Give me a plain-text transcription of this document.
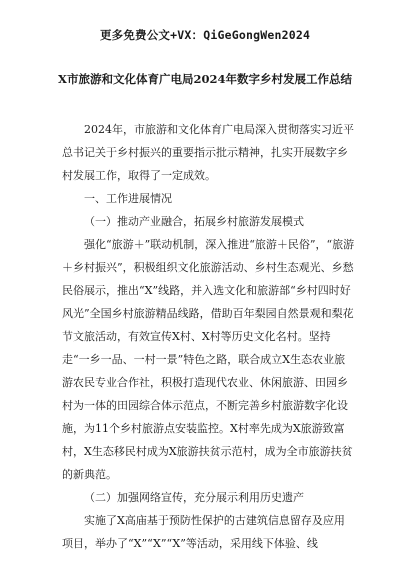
更多免费公文+VX：QiGeGongWen2024
X市旅游和文化体育广电局2024年数字乡村发展工作总结

2024年，市旅游和文化体育广电局深入贯彻落实习近平总书记关于乡村振兴的重要指示批示精神，扎实开展数字乡村发展工作，取得了一定成效。

一、工作进展情况

（一）推动产业融合，拓展乡村旅游发展模式

强化“旅游＋”联动机制，深入推进“旅游＋民俗”，“旅游＋乡村振兴”，积极组织文化旅游活动、乡村生态观光、乡愁民俗展示，推出“X”线路，并入选文化和旅游部“乡村四时好风光”全国乡村旅游精品线路，借助百年梨园自然景观和梨花节文旅活动，有效宣传X村、X村等历史文化名村。坚持走“一乡一品、一村一景”特色之路，联合成立X生态农业旅游农民专业合作社，积极打造现代农业、休闲旅游、田园乡村为一体的田园综合体示范点，不断完善乡村旅游数字化设施，为11个乡村旅游点安装监控。X村率先成为X旅游致富村，X生态移民村成为X旅游扶贫示范村，成为全市旅游扶贫的新典范。

（二）加强网络宣传，充分展示利用历史遗产

实施了X高庙基于预防性保护的古建筑信息留存及应用项目，举办了“X”“X”“X”等活动，采用线下体验、线
